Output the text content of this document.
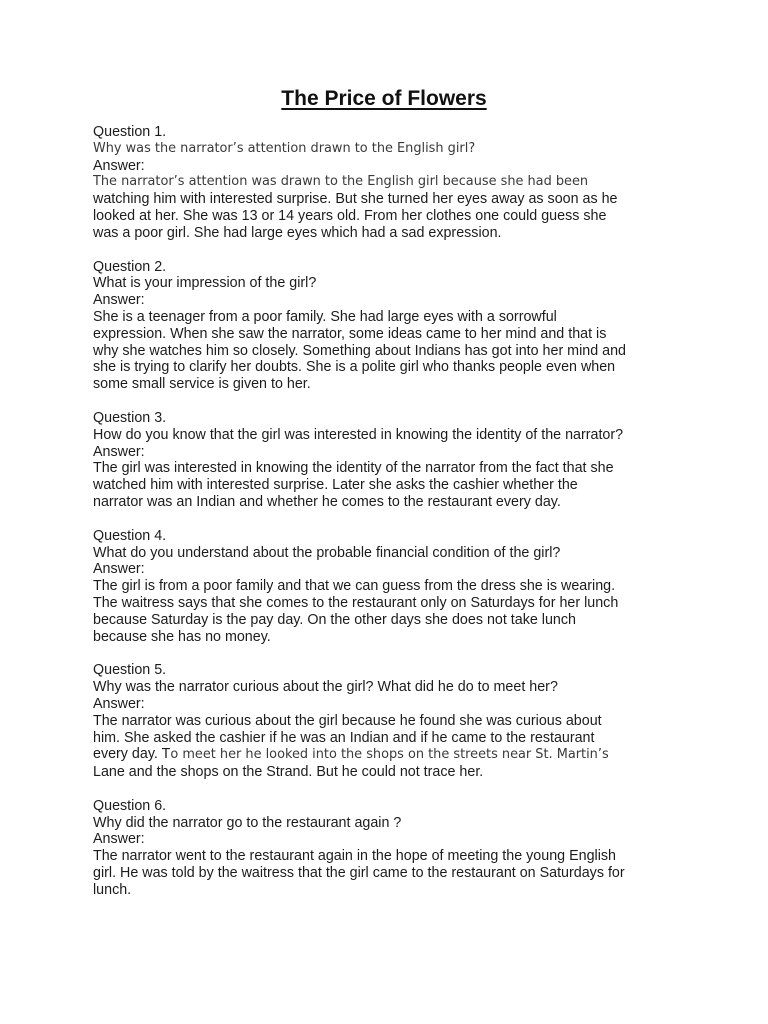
The Price of Flowers
Question 1.
Why was the narrator’s attention drawn to the English girl?
Answer:
The narrator’s attention was drawn to the English girl because she had been
watching him with interested surprise. But she turned her eyes away as soon as he
looked at her. She was 13 or 14 years old. From her clothes one could guess she
was a poor girl. She had large eyes which had a sad expression.
Question 2.
What is your impression of the girl?
Answer:
She is a teenager from a poor family. She had large eyes with a sorrowful
expression. When she saw the narrator, some ideas came to her mind and that is
why she watches him so closely. Something about Indians has got into her mind and
she is trying to clarify her doubts. She is a polite girl who thanks people even when
some small service is given to her.
Question 3.
How do you know that the girl was interested in knowing the identity of the narrator?
Answer:
The girl was interested in knowing the identity of the narrator from the fact that she
watched him with interested surprise. Later she asks the cashier whether the
narrator was an Indian and whether he comes to the restaurant every day.
Question 4.
What do you understand about the probable financial condition of the girl?
Answer:
The girl is from a poor family and that we can guess from the dress she is wearing.
The waitress says that she comes to the restaurant only on Saturdays for her lunch
because Saturday is the pay day. On the other days she does not take lunch
because she has no money.
Question 5.
Why was the narrator curious about the girl? What did he do to meet her?
Answer:
The narrator was curious about the girl because he found she was curious about
him. She asked the cashier if he was an Indian and if he came to the restaurant
every day. To meet her he looked into the shops on the streets near St. Martin’s
Lane and the shops on the Strand. But he could not trace her.
Question 6.
Why did the narrator go to the restaurant again ?
Answer:
The narrator went to the restaurant again in the hope of meeting the young English
girl. He was told by the waitress that the girl came to the restaurant on Saturdays for
lunch.
